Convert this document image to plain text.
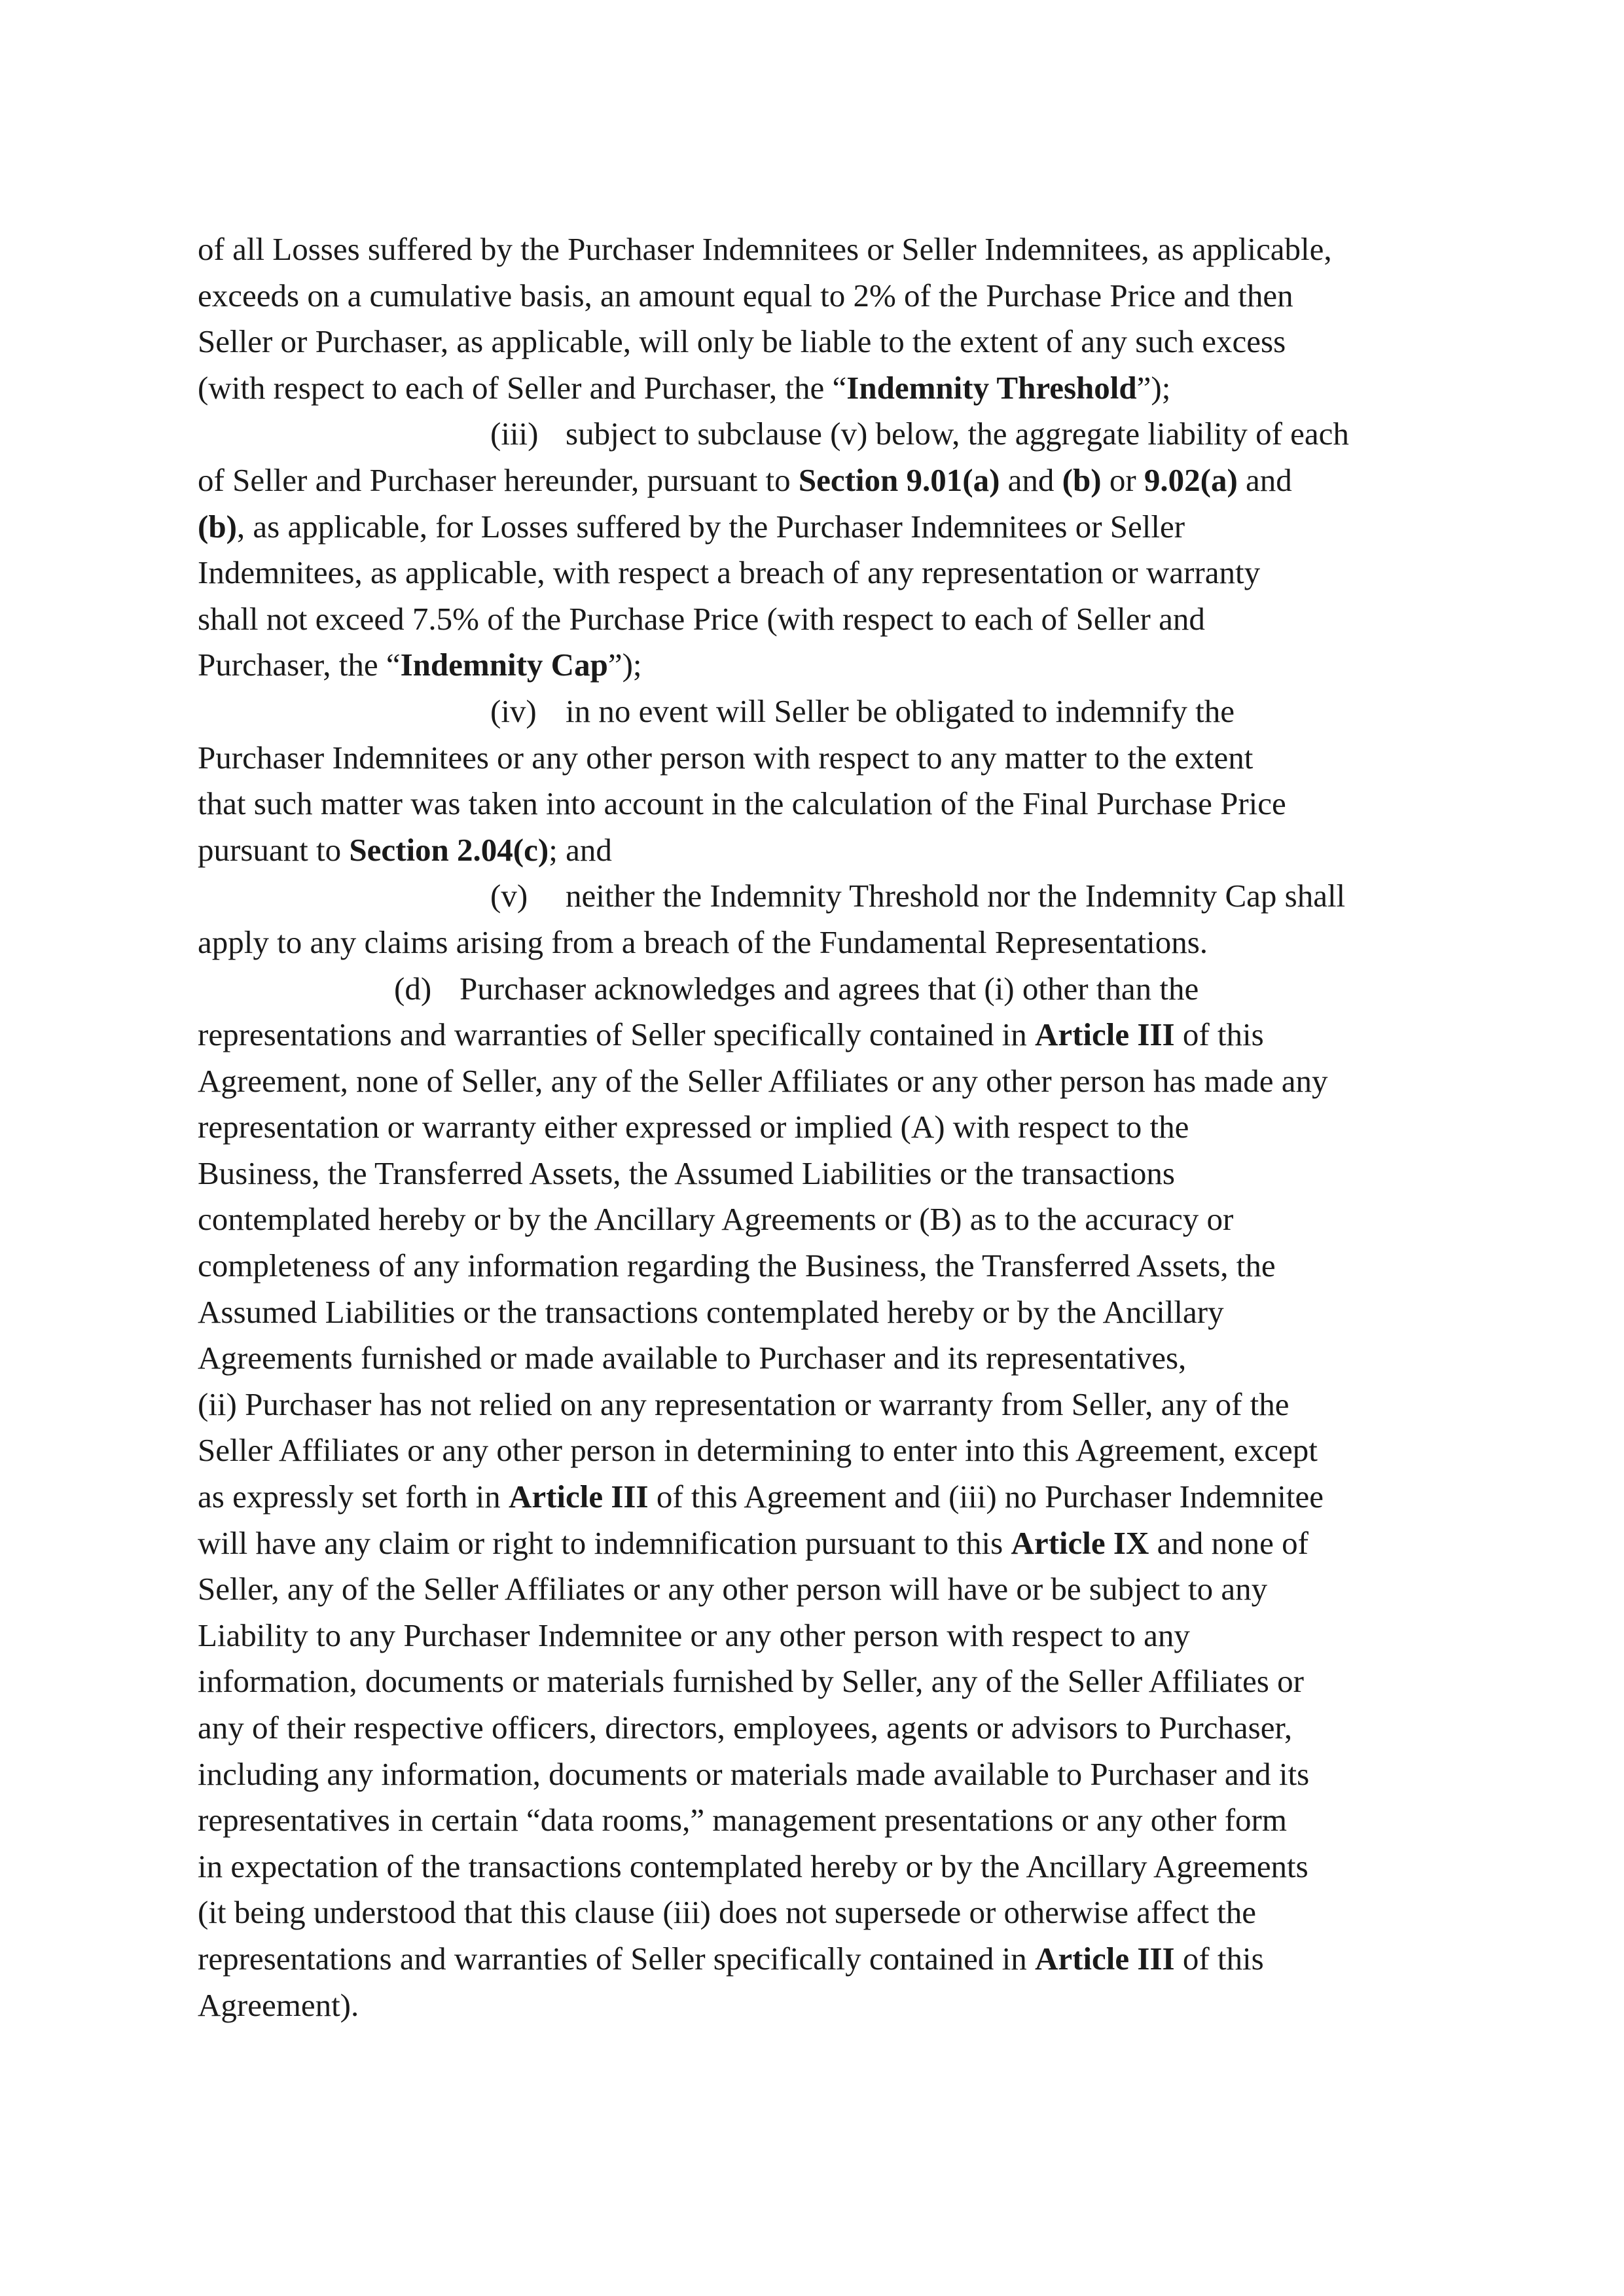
of all Losses suffered by the Purchaser Indemnitees or Seller Indemnitees, as applicable,
exceeds on a cumulative basis, an amount equal to 2% of the Purchase Price and then
Seller or Purchaser, as applicable, will only be liable to the extent of any such excess
(with respect to each of Seller and Purchaser, the “Indemnity Threshold”);
(iii) subject to subclause (v) below, the aggregate liability of each
of Seller and Purchaser hereunder, pursuant to Section 9.01(a) and (b) or 9.02(a) and
(b), as applicable, for Losses suffered by the Purchaser Indemnitees or Seller
Indemnitees, as applicable, with respect a breach of any representation or warranty
shall not exceed 7.5% of the Purchase Price (with respect to each of Seller and
Purchaser, the “Indemnity Cap”);
(iv) in no event will Seller be obligated to indemnify the
Purchaser Indemnitees or any other person with respect to any matter to the extent
that such matter was taken into account in the calculation of the Final Purchase Price
pursuant to Section 2.04(c); and
(v) neither the Indemnity Threshold nor the Indemnity Cap shall
apply to any claims arising from a breach of the Fundamental Representations.
(d) Purchaser acknowledges and agrees that (i) other than the
representations and warranties of Seller specifically contained in Article III of this
Agreement, none of Seller, any of the Seller Affiliates or any other person has made any
representation or warranty either expressed or implied (A) with respect to the
Business, the Transferred Assets, the Assumed Liabilities or the transactions
contemplated hereby or by the Ancillary Agreements or (B) as to the accuracy or
completeness of any information regarding the Business, the Transferred Assets, the
Assumed Liabilities or the transactions contemplated hereby or by the Ancillary
Agreements furnished or made available to Purchaser and its representatives,
(ii) Purchaser has not relied on any representation or warranty from Seller, any of the
Seller Affiliates or any other person in determining to enter into this Agreement, except
as expressly set forth in Article III of this Agreement and (iii) no Purchaser Indemnitee
will have any claim or right to indemnification pursuant to this Article IX and none of
Seller, any of the Seller Affiliates or any other person will have or be subject to any
Liability to any Purchaser Indemnitee or any other person with respect to any
information, documents or materials furnished by Seller, any of the Seller Affiliates or
any of their respective officers, directors, employees, agents or advisors to Purchaser,
including any information, documents or materials made available to Purchaser and its
representatives in certain “data rooms,” management presentations or any other form
in expectation of the transactions contemplated hereby or by the Ancillary Agreements
(it being understood that this clause (iii) does not supersede or otherwise affect the
representations and warranties of Seller specifically contained in Article III of this
Agreement).
